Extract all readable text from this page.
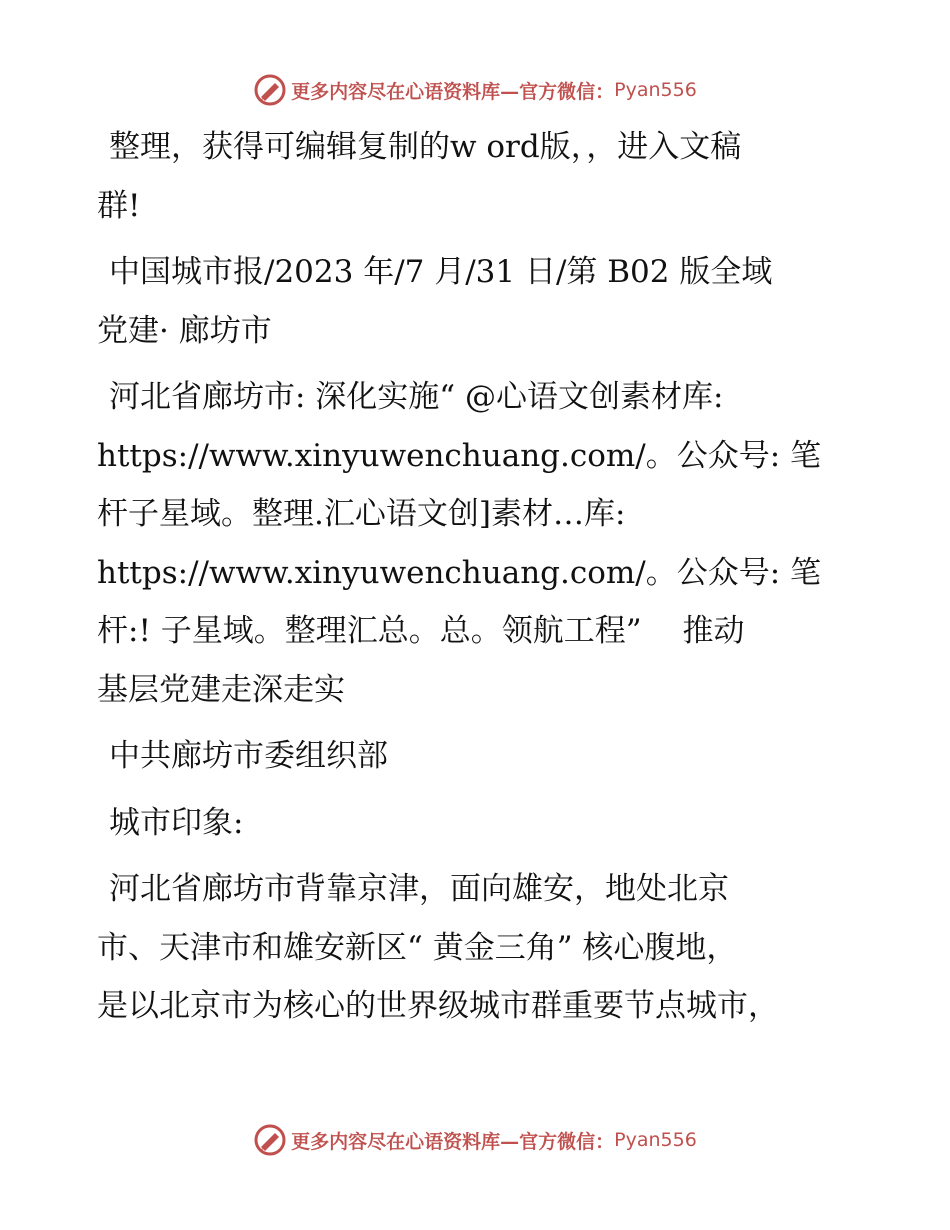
更多内容尽在心语资料库—官方微信： Pyan556
整理，获得可编辑复制的w ord版，，进入文稿
群!
中国城市报/2023 年/7 月/31 日/第 B02 版全域
党建· 廊坊市
河北省廊坊市: 深化实施“ @心语文创素材库:
https://www.xinyuwenchuang.com/。公众号: 笔
杆子星域。整理.汇心语文创]素材…库:
https://www.xinyuwenchuang.com/。公众号: 笔
杆:! 子星域。整理汇总。总。领航工程”　 推动
基层党建走深走实
中共廊坊市委组织部
城市印象:
河北省廊坊市背靠京津，面向雄安，地处北京
市、天津市和雄安新区“ 黄金三角” 核心腹地，
是以北京市为核心的世界级城市群重要节点城市，
更多内容尽在心语资料库—官方微信： Pyan556
